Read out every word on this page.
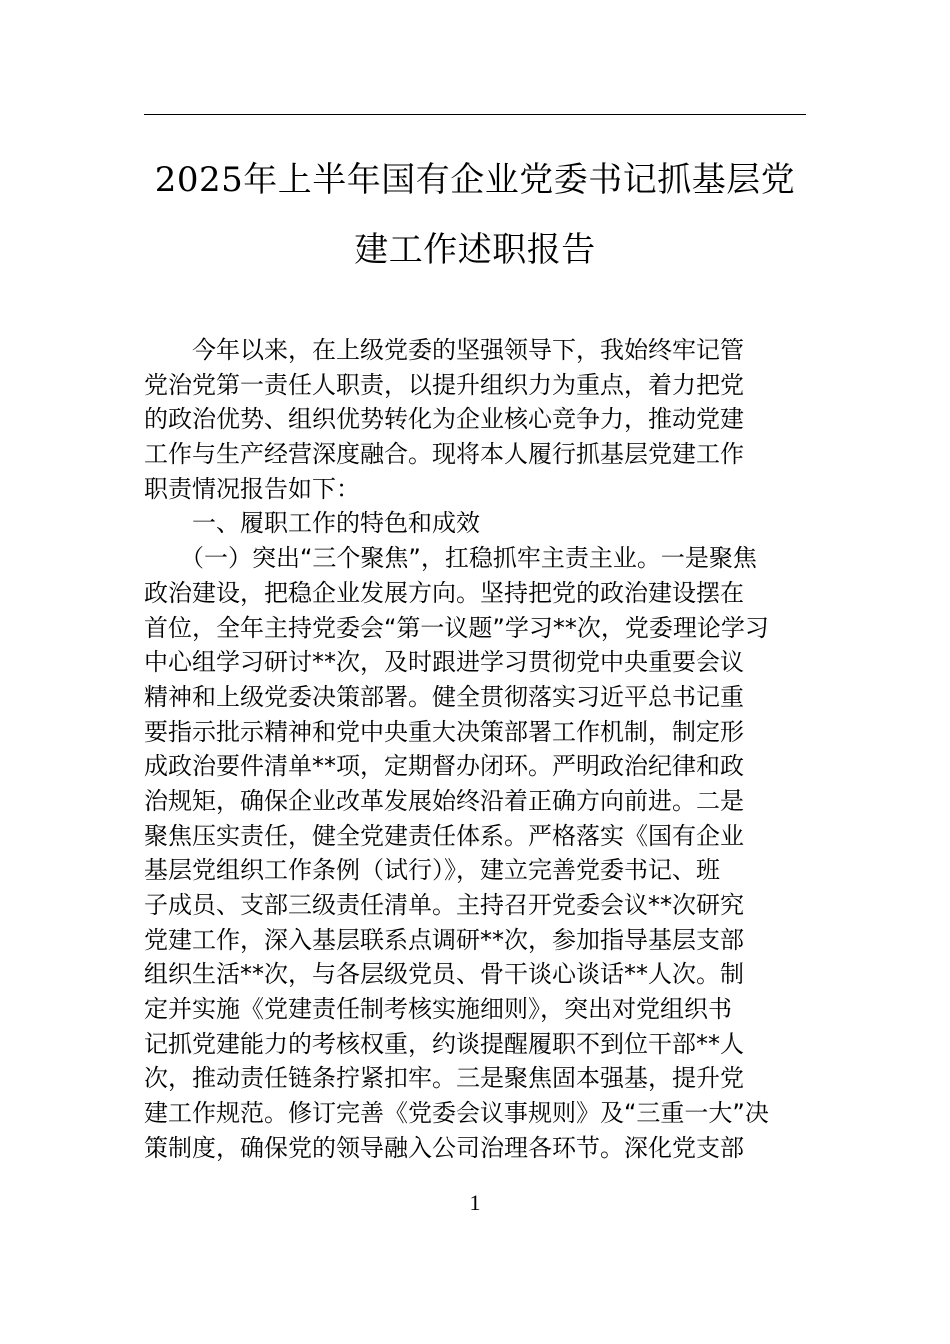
2025年上半年国有企业党委书记抓基层党
建工作述职报告

今年以来，在上级党委的坚强领导下，我始终牢记管
党治党第一责任人职责，以提升组织力为重点，着力把党
的政治优势、组织优势转化为企业核心竞争力，推动党建
工作与生产经营深度融合。现将本人履行抓基层党建工作
职责情况报告如下：

一、履职工作的特色和成效

（一）突出“三个聚焦”，扛稳抓牢主责主业。一是聚焦
政治建设，把稳企业发展方向。坚持把党的政治建设摆在
首位，全年主持党委会“第一议题”学习**次，党委理论学习
中心组学习研讨**次，及时跟进学习贯彻党中央重要会议
精神和上级党委决策部署。健全贯彻落实习近平总书记重
要指示批示精神和党中央重大决策部署工作机制，制定形
成政治要件清单**项，定期督办闭环。严明政治纪律和政
治规矩，确保企业改革发展始终沿着正确方向前进。二是
聚焦压实责任，健全党建责任体系。严格落实《国有企业
基层党组织工作条例（试行）》，建立完善党委书记、班
子成员、支部三级责任清单。主持召开党委会议**次研究
党建工作，深入基层联系点调研**次，参加指导基层支部
组织生活**次，与各层级党员、骨干谈心谈话**人次。制
定并实施《党建责任制考核实施细则》，突出对党组织书
记抓党建能力的考核权重，约谈提醒履职不到位干部**人
次，推动责任链条拧紧扣牢。三是聚焦固本强基，提升党
建工作规范。修订完善《党委会议事规则》及“三重一大”决
策制度，确保党的领导融入公司治理各环节。深化党支部

1
